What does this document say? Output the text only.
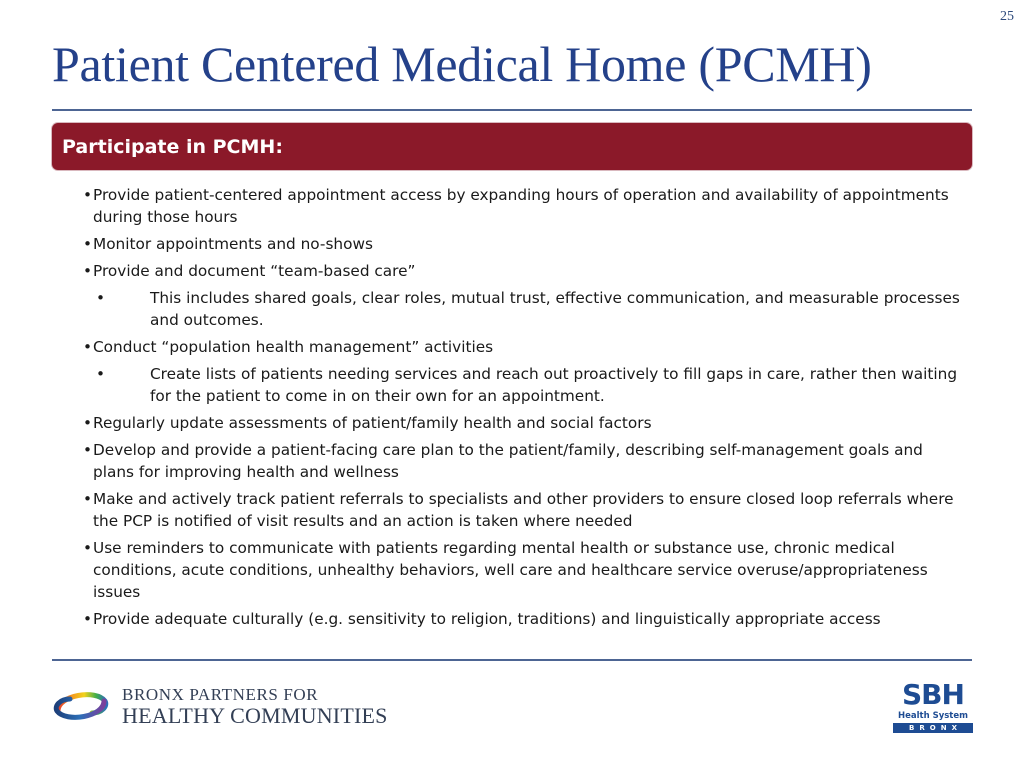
25
Patient Centered Medical Home (PCMH)
Participate in PCMH:
• Provide patient-centered appointment access by expanding hours of operation and availability of appointments during those hours
• Monitor appointments and no-shows
• Provide and document “team-based care”
• This includes shared goals, clear roles, mutual trust, effective communication, and measurable processes and outcomes.
• Conduct “population health management” activities
• Create lists of patients needing services and reach out proactively to fill gaps in care, rather then waiting for the patient to come in on their own for an appointment.
• Regularly update assessments of patient/family health and social factors
• Develop and provide a patient-facing care plan to the patient/family, describing self-management goals and plans for improving health and wellness
• Make and actively track patient referrals to specialists and other providers to ensure closed loop referrals where the PCP is notified of visit results and an action is taken where needed
• Use reminders to communicate with patients regarding mental health or substance use, chronic medical conditions, acute conditions, unhealthy behaviors, well care and healthcare service overuse/appropriateness issues
• Provide adequate culturally (e.g. sensitivity to religion, traditions) and linguistically appropriate access
BRONX PARTNERS FOR
HEALTHY COMMUNITIES
SBH
Health System
BRONX
